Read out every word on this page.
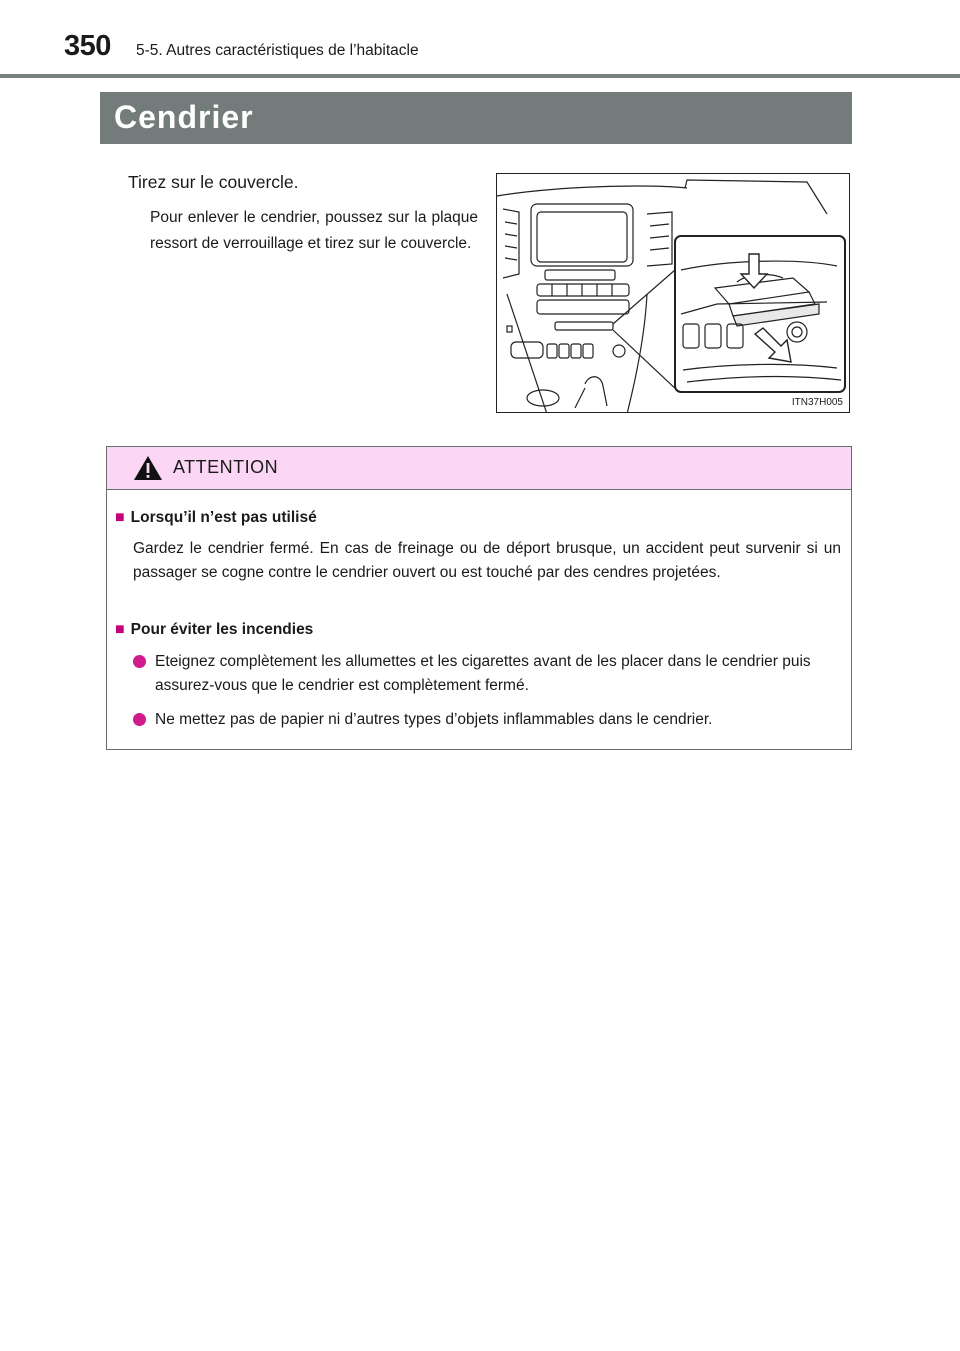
350 5-5. Autres caractéristiques de l’habitacle
Cendrier
Tirez sur le couvercle.
Pour enlever le cendrier, poussez sur la plaque ressort de verrouillage et tirez sur le couvercle.
ITN37H005
ATTENTION
■ Lorsqu’il n’est pas utilisé
Gardez le cendrier fermé. En cas de freinage ou de déport brusque, un accident peut survenir si un passager se cogne contre le cendrier ouvert ou est touché par des cendres projetées.
■ Pour éviter les incendies
Eteignez complètement les allumettes et les cigarettes avant de les placer dans le cendrier puis assurez-vous que le cendrier est complètement fermé.
Ne mettez pas de papier ni d’autres types d’objets inflammables dans le cendrier.
